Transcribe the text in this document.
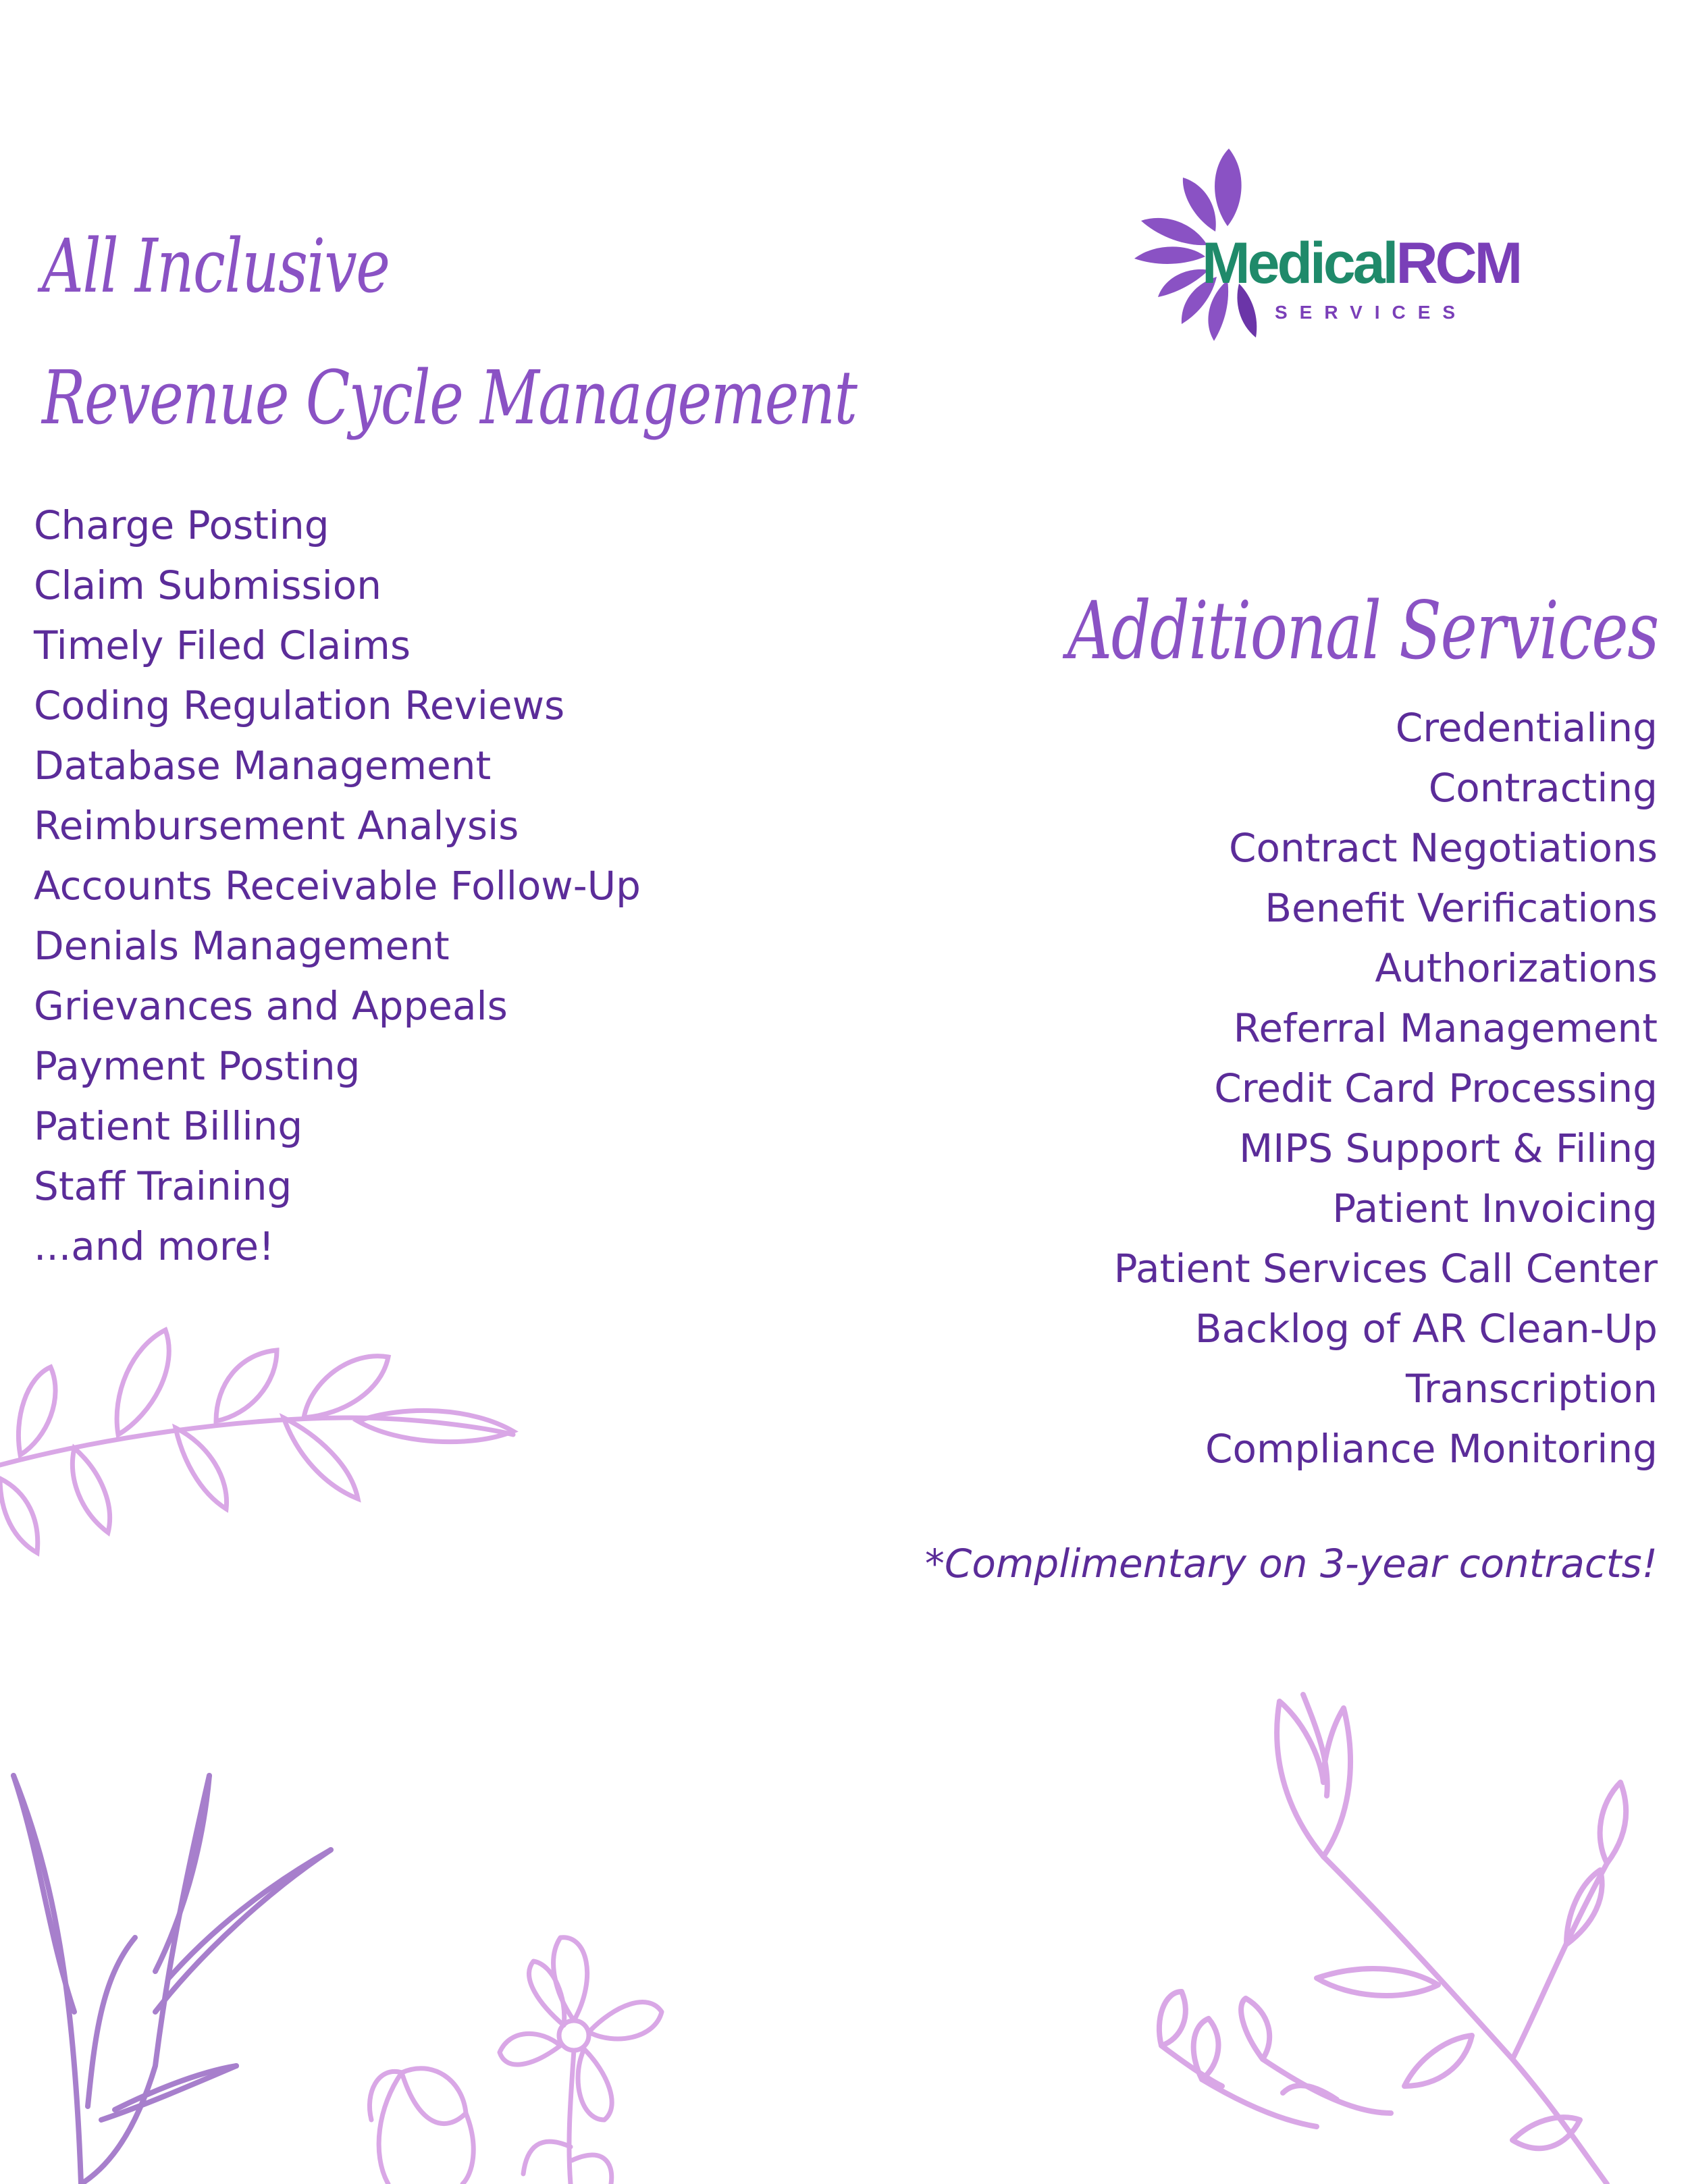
All Inclusive
Revenue Cycle Management
Additional Services
MedicalRCM
SERVICES
Charge Posting
Claim Submission
Timely Filed Claims
Coding Regulation Reviews
Database Management
Reimbursement Analysis
Accounts Receivable Follow-Up
Denials Management
Grievances and Appeals
Payment Posting
Patient Billing
Staff Training
...and more!
Credentialing
Contracting
Contract Negotiations
Benefit Verifications
Authorizations
Referral Management
Credit Card Processing
MIPS Support & Filing
Patient Invoicing
Patient Services Call Center
Backlog of AR Clean-Up
Transcription
Compliance Monitoring

*Complimentary on 3-year contracts!
